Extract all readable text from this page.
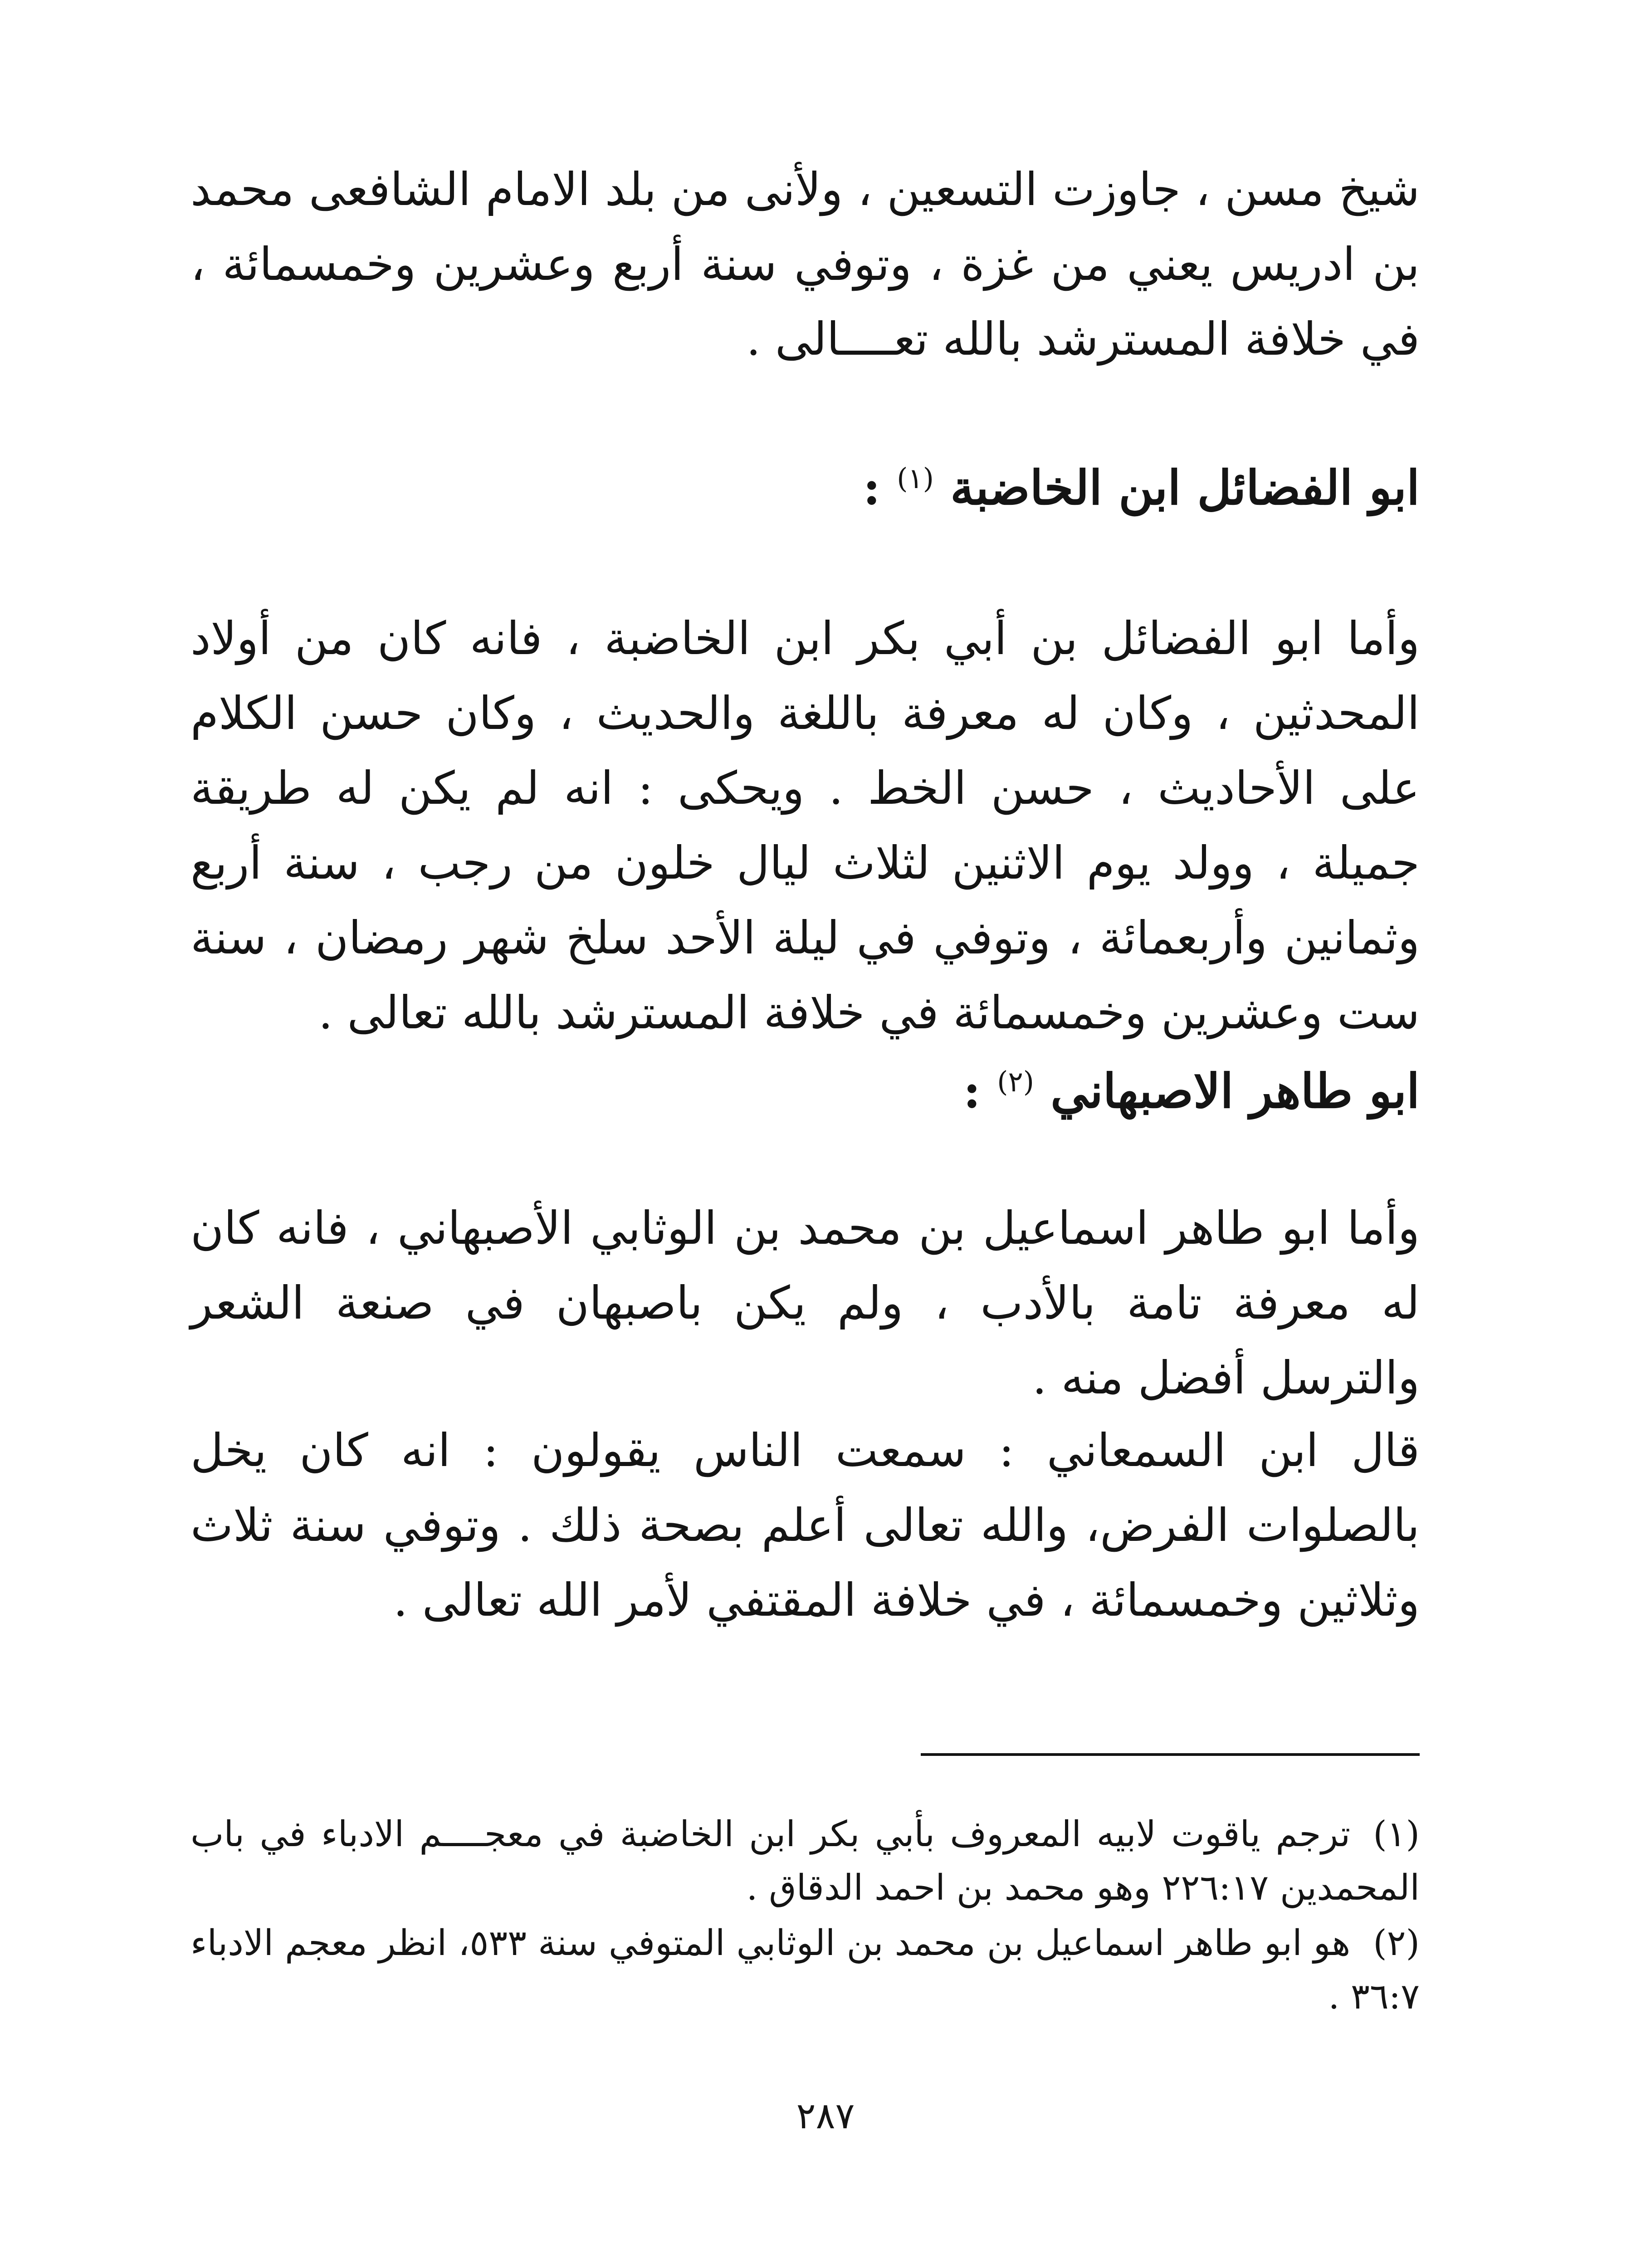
شيخ مسن ، جاوزت التسعين ، ولأنى من بلد الامام الشافعى محمد بن ادريس يعني من غزة ، وتوفي سنة أربع وعشرين وخمسمائة ، في خلافة المسترشد بالله تعــــالى .

ابو الفضائل ابن الخاضبة $^{(١)}$ :

وأما ابو الفضائل بن أبي بكر ابن الخاضبة ، فانه كان من أولاد المحدثين ، وكان له معرفة باللغة والحديث ، وكان حسن الكلام على الأحاديث ، حسن الخط . ويحكى : انه لم يكن له طريقة جميلة ، وولد يوم الاثنين لثلاث ليال خلون من رجب ، سنة أربع وثمانين وأربعمائة ، وتوفي في ليلة الأحد سلخ شهر رمضان ، سنة ست وعشرين وخمسمائة في خلافة المسترشد بالله تعالى .

ابو طاهر الاصبهاني $^{(٢)}$ :

وأما ابو طاهر اسماعيل بن محمد بن الوثابي الأصبهاني ، فانه كان له معرفة تامة بالأدب ، ولم يكن باصبهان في صنعة الشعر والترسل أفضل منه .

قال ابن السمعاني : سمعت الناس يقولون : انه كان يخل بالصلوات الفرض، والله تعالى أعلم بصحة ذلك . وتوفي سنة ثلاث وثلاثين وخمسمائة ، في خلافة المقتفي لأمر الله تعالى .

(١)ترجم ياقوت لابيه المعروف بأبي بكر ابن الخاضبة في معجــــم الادباء في باب المحمدين ٢٢٦:١٧ وهو محمد بن احمد الدقاق .

(٢)هو ابو طاهر اسماعيل بن محمد بن الوثابي المتوفي سنة ٥٣٣، انظر معجم الادباء ٣٦:٧ .

٢٨٧
